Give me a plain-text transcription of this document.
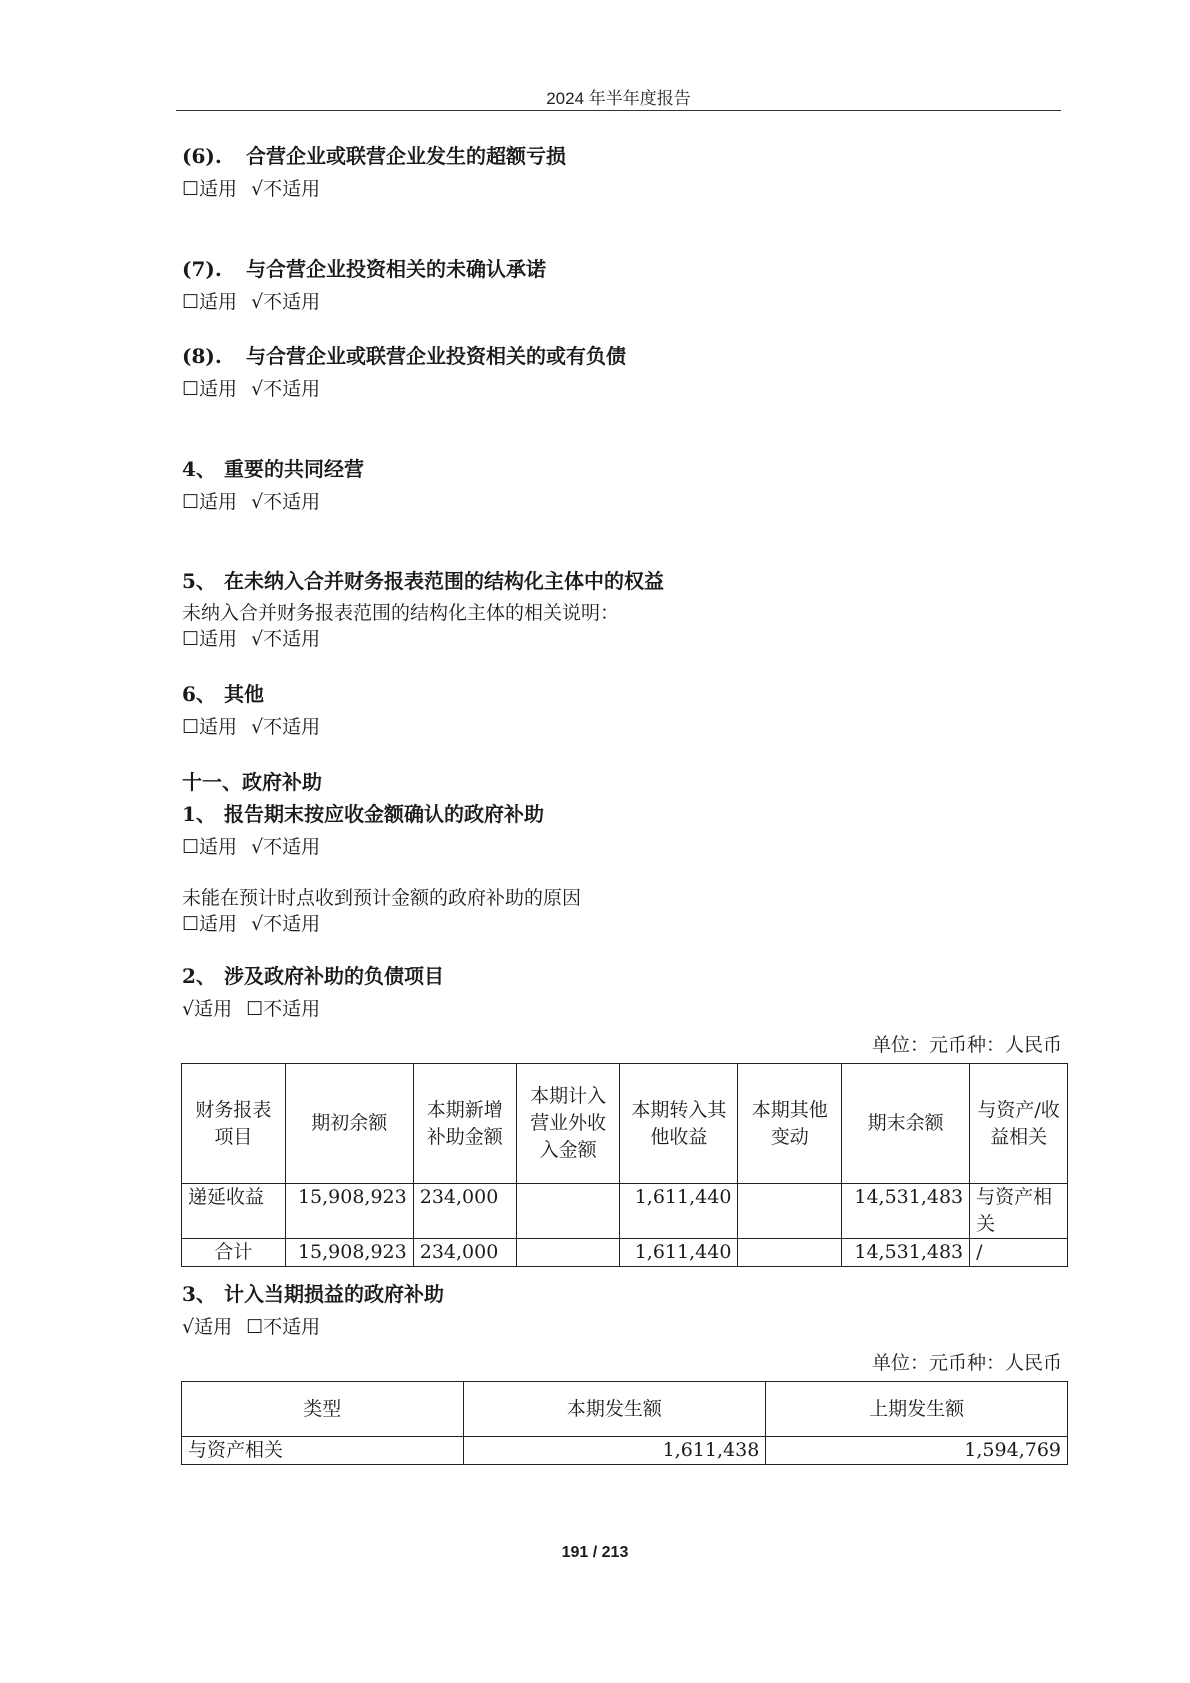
2024 年半年度报告
(6). 合营企业或联营企业发生的超额亏损
☐适用 √不适用
(7). 与合营企业投资相关的未确认承诺
☐适用 √不适用
(8). 与合营企业或联营企业投资相关的或有负债
☐适用 √不适用
4、 重要的共同经营
☐适用 √不适用
5、 在未纳入合并财务报表范围的结构化主体中的权益
未纳入合并财务报表范围的结构化主体的相关说明：
☐适用 √不适用
6、 其他
☐适用 √不适用
十一、政府补助
1、 报告期末按应收金额确认的政府补助
☐适用 √不适用
未能在预计时点收到预计金额的政府补助的原因
☐适用 √不适用
2、 涉及政府补助的负债项目
√适用 ☐不适用
单位：元币种：人民币
财务报表项目	期初余额	本期新增补助金额	本期计入营业外收入金额	本期转入其他收益	本期其他变动	期末余额	与资产/收益相关
递延收益	15,908,923	234,000		1,611,440		14,531,483	与资产相关
合计	15,908,923	234,000		1,611,440		14,531,483	/
3、 计入当期损益的政府补助
√适用 ☐不适用
单位：元币种：人民币
类型	本期发生额	上期发生额
与资产相关	1,611,438	1,594,769
191 / 213
